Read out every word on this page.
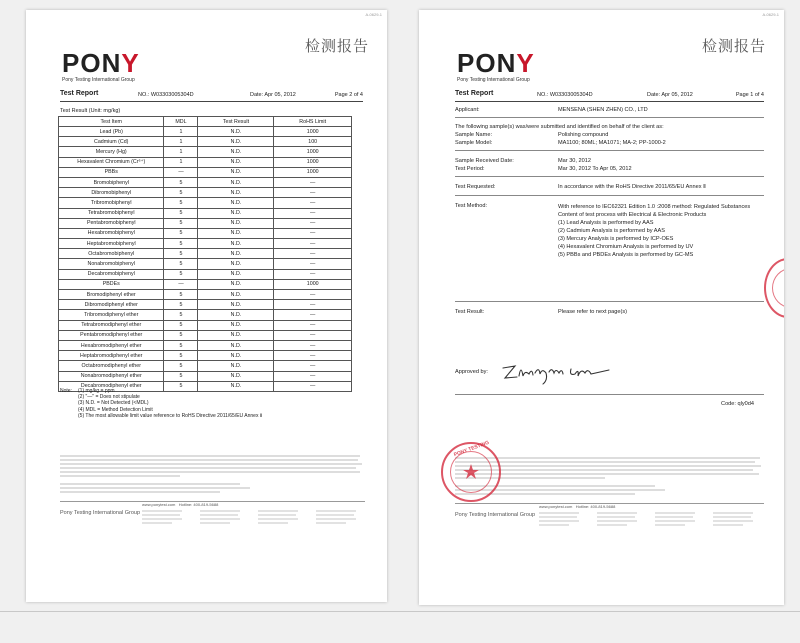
A-0629-1
检测报告
PONY
Pony Testing International Group
Test Report	NO.: W03303005304D	Date: Apr 05, 2012	Page 2 of 4
Test Result (Unit: mg/kg)
Test Item	MDL	Test Result	RoHS Limit
Lead (Pb)	1	N.D.	1000
Cadmium (Cd)	1	N.D.	100
Mercury (Hg)	1	N.D.	1000
Hexavalent Chromium (Cr⁶⁺)	1	N.D.	1000
PBBs	—	N.D.	1000
Bromobiphenyl	5	N.D.	—
Dibromobiphenyl	5	N.D.	—
Tribromobiphenyl	5	N.D.	—
Tetrabromobiphenyl	5	N.D.	—
Pentabromobiphenyl	5	N.D.	—
Hexabromobiphenyl	5	N.D.	—
Heptabromobiphenyl	5	N.D.	—
Octabromobiphenyl	5	N.D.	—
Nonabromobiphenyl	5	N.D.	—
Decabromobiphenyl	5	N.D.	—
PBDEs	—	N.D.	1000
Bromodiphenyl ether	5	N.D.	—
Dibromodiphenyl ether	5	N.D.	—
Tribromodiphenyl ether	5	N.D.	—
Tetrabromodiphenyl ether	5	N.D.	—
Pentabromodiphenyl ether	5	N.D.	—
Hexabromodiphenyl ether	5	N.D.	—
Heptabromodiphenyl ether	5	N.D.	—
Octabromodiphenyl ether	5	N.D.	—
Nonabromodiphenyl ether	5	N.D.	—
Decabromodiphenyl ether	5	N.D.	—
Note:	(1) mg/kg = ppm
(2) "—" = Does not stipulate
(3) N.D. = Not Detected (<MDL)
(4) MDL = Method Detection Limit
(5) The most allowable limit value reference to RoHS Directive 2011/65/EU Annex Ⅱ
Pony Testing International Group
www.ponytest.com Hotline: 400-819-5688
A-0629-1
检测报告
PONY
Pony Testing International Group
Test Report	NO.: W03303005304D	Date: Apr 05, 2012	Page 1 of 4
Applicant:	MENSENA (SHEN ZHEN) CO., LTD
The following sample(s) was/were submitted and identified on behalf of the client as:
Sample Name:	Polishing compound
Sample Model:	MA1100; 80ML; MA1071; MA-2; PP-1000-2
Sample Received Date:	Mar 30, 2012
Test Period:	Mar 30, 2012 To Apr 05, 2012
Test Requested:	In accordance with the RoHS Directive 2011/65/EU Annex Ⅱ
Test Method:	With reference to IEC62321 Edition 1.0 :2008 method: Regulated Substances
Content of test process with Electrical & Electronic Products
(1) Lead Analysis is performed by AAS
(2) Cadmium Analysis is performed by AAS
(3) Mercury Analysis is performed by ICP-OES
(4) Hexavalent Chromium Analysis is performed by UV
(5) PBBs and PBDEs Analysis is performed by GC-MS
Test Result:	Please refer to next page(s)
Approved by:
Code: qly0d4
Pony Testing International Group
www.ponytest.com Hotline: 400-819-5688
PONY TESTING
